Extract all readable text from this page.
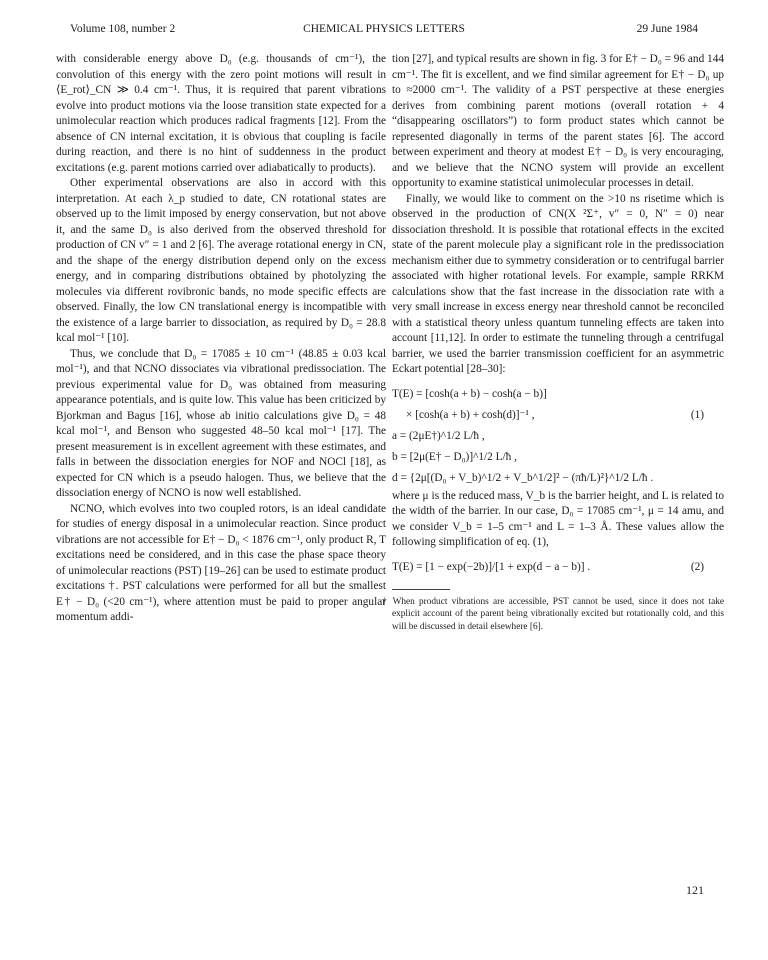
Volume 108, number 2	CHEMICAL PHYSICS LETTERS	29 June 1984

with considerable energy above D₀ (e.g. thousands of cm⁻¹), the convolution of this energy with the zero point motions will result in ⟨E_rot⟩_CN ≫ 0.4 cm⁻¹. Thus, it is required that parent vibrations evolve into product motions via the loose transition state expected for a unimolecular reaction which produces radical fragments [12]. From the absence of CN internal excitation, it is obvious that coupling is facile during reaction, and there is no hint of suddenness in the product excitations (e.g. parent motions carried over adiabatically to products).

Other experimental observations are also in accord with this interpretation. At each λ_p studied to date, CN rotational states are observed up to the limit imposed by energy conservation, but not above it, and the same D₀ is also derived from the observed threshold for production of CN v″ = 1 and 2 [6]. The average rotational energy in CN, and the shape of the energy distribution depend only on the excess energy, and in comparing distributions obtained by photolyzing the molecules via different rovibronic bands, no mode specific effects are observed. Finally, the low CN translational energy is incompatible with the existence of a large barrier to dissociation, as required by D₀ = 28.8 kcal mol⁻¹ [10].

Thus, we conclude that D₀ = 17085 ± 10 cm⁻¹ (48.85 ± 0.03 kcal mol⁻¹), and that NCNO dissociates via vibrational predissociation. The previous experimental value for D₀ was obtained from measuring appearance potentials, and is quite low. This value has been criticized by Bjorkman and Bagus [16], whose ab initio calculations give D₀ = 48 kcal mol⁻¹, and Benson who suggested 48–50 kcal mol⁻¹ [17]. The present measurement is in excellent agreement with these estimates, and falls in between the dissociation energies for NOF and NOCl [18], as expected for CN which is a pseudo halogen. Thus, we believe that the dissociation energy of NCNO is now well established.

NCNO, which evolves into two coupled rotors, is an ideal candidate for studies of energy disposal in a unimolecular reaction. Since product vibrations are not accessible for E† − D₀ < 1876 cm⁻¹, only product R, T excitations need be considered, and in this case the phase space theory of unimolecular reactions (PST) [19–26] can be used to estimate product excitations †. PST calculations were performed for all but the smallest E† − D₀ (<20 cm⁻¹), where attention must be paid to proper angular momentum addi-

tion [27], and typical results are shown in fig. 3 for E† − D₀ = 96 and 144 cm⁻¹. The fit is excellent, and we find similar agreement for E† − D₀ up to ≈2000 cm⁻¹. The validity of a PST perspective at these energies derives from combining parent motions (overall rotation + 4 “disappearing oscillators”) to form product states which cannot be represented diagonally in terms of the parent states [6]. The accord between experiment and theory at modest E† − D₀ is very encouraging, and we believe that the NCNO system will provide an excellent opportunity to examine statistical unimolecular processes in detail.

Finally, we would like to comment on the >10 ns risetime which is observed in the production of CN(X ²Σ⁺, v″ = 0, N″ = 0) near dissociation threshold. It is possible that rotational effects in the excited state of the parent molecule play a significant role in the predissociation mechanism either due to symmetry consideration or to centrifugal barrier associated with higher rotational levels. For example, sample RRKM calculations show that the fast increase in the dissociation rate with a very small increase in excess energy near threshold cannot be reconciled with a statistical theory unless quantum tunneling effects are taken into account [11,12]. In order to estimate the tunneling through a centrifugal barrier, we used the barrier transmission coefficient for an asymmetric Eckart potential [28–30]:

T(E) = [cosh(a + b) − cosh(a − b)]
× [cosh(a + b) + cosh(d)]⁻¹ ,	(1)
a = (2μE†)^1/2 L/ħ ,
b = [2μ(E† − D₀)]^1/2 L/ħ ,
d = {2μ[(D₀ + V_b)^1/2 + V_b^1/2]² − (πħ/L)²}^1/2 L/ħ .

where μ is the reduced mass, V_b is the barrier height, and L is related to the width of the barrier. In our case, D₀ = 17085 cm⁻¹, μ = 14 amu, and we consider V_b = 1–5 cm⁻¹ and L = 1–3 Å. These values allow the following simplification of eq. (1),

T(E) = [1 − exp(−2b)]/[1 + exp(d − a − b)] .	(2)

† When product vibrations are accessible, PST cannot be used, since it does not take explicit account of the parent being vibrationally excited but rotationally cold, and this will be discussed in detail elsewhere [6].

121
